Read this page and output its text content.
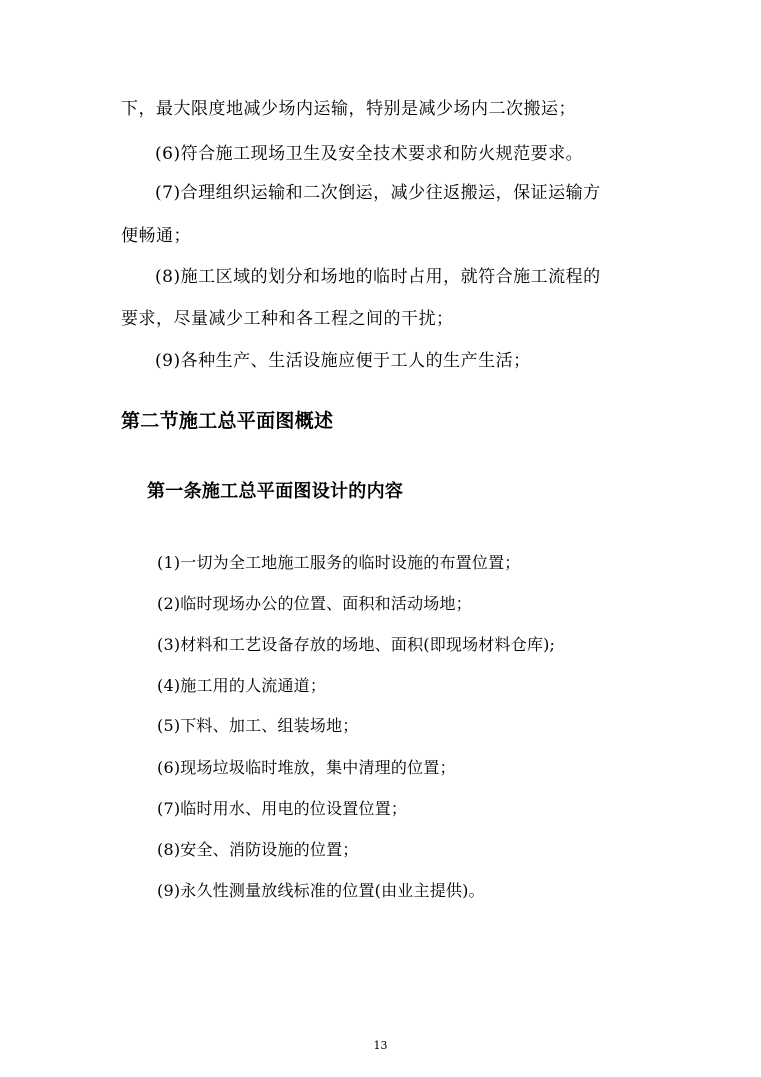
下，最大限度地减少场内运输，特别是减少场内二次搬运；
(6)符合施工现场卫生及安全技术要求和防火规范要求。
(7)合理组织运输和二次倒运，减少往返搬运，保证运输方
便畅通；
(8)施工区域的划分和场地的临时占用，就符合施工流程的
要求，尽量减少工种和各工程之间的干扰；
(9)各种生产、生活设施应便于工人的生产生活；
第二节施工总平面图概述
第一条施工总平面图设计的内容
(1)一切为全工地施工服务的临时设施的布置位置；
(2)临时现场办公的位置、面积和活动场地；
(3)材料和工艺设备存放的场地、面积(即现场材料仓库);
(4)施工用的人流通道；
(5)下料、加工、组装场地；
(6)现场垃圾临时堆放，集中清理的位置；
(7)临时用水、用电的位设置位置；
(8)安全、消防设施的位置；
(9)永久性测量放线标准的位置(由业主提供)。
13
